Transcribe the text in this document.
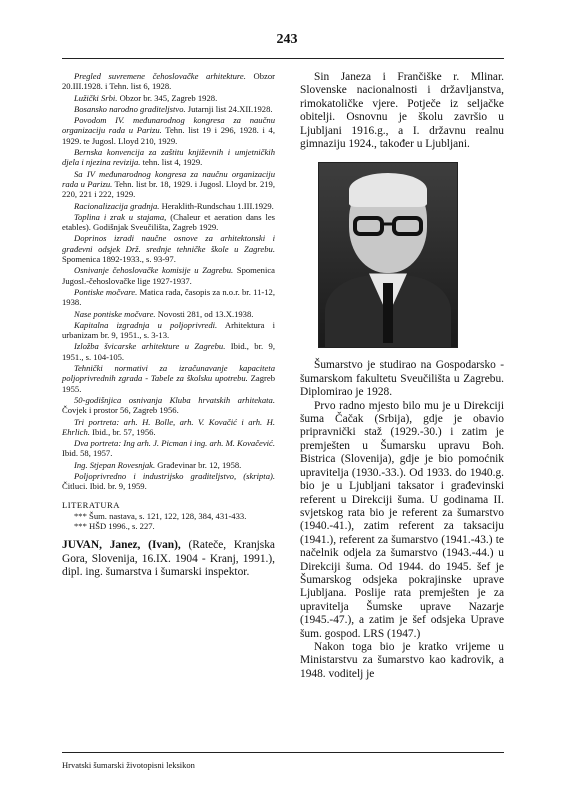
243
Pregled suvremene čehoslovačke arhitekture. Obzor 20.III.1928. i Tehn. list 6, 1928.
Lužički Srbi. Obzor br. 345, Zagreb 1928.
Bosansko narodno graditeljstvo. Jutarnji list 24.XII.1928.
Povodom IV. međunarodnog kongresa za naučnu organizaciju rada u Parizu. Tehn. list 19 i 296, 1928. i 4, 1929. te Jugosl. Lloyd 210, 1929.
Bernska konvencija za zaštitu književnih i umjetničkih djela i njezina revizija. tehn. list 4, 1929.
Sa IV međunarodnog kongresa za naučnu organizaciju rada u Parizu. Tehn. list br. 18, 1929. i Jugosl. Lloyd br. 219, 220, 221 i 222, 1929.
Racionalizacija gradnja. Heraklith-Rundschau 1.III.1929.
Toplina i zrak u stajama, (Chaleur et aeration dans les etables). Godišnjak Sveučilišta, Zagreb 1929.
Doprinos izradi naučne osnove za arhitektonski i građevni odsjek Drž. srednje tehničke škole u Zagrebu. Spomenica 1892-1933., s. 93-97.
Osnivanje čehoslovačke komisije u Zagrebu. Spomenica Jugosl.-čehoslovačke lige 1927-1937.
Pontiske močvare. Matica rada, časopis za n.o.r. br. 11-12, 1938.
Nase pontiske močvare. Novosti 281, od 13.X.1938.
Kapitalna izgradnja u poljoprivredi. Arhitektura i urbanizam br. 9, 1951., s. 3-13.
Izložba švicarske arhitekture u Zagrebu. Ibid., br. 9, 1951., s. 104-105.
Tehnički normativi za izračunavanje kapaciteta poljoprivrednih zgrada - Tabele za školsku upotrebu. Zagreb 1955.
50-godišnjica osnivanja Kluba hrvatskih arhitekata. Čovjek i prostor 56, Zagreb 1956.
Tri portreta: arh. H. Bolle, arh. V. Kovačić i arh. H. Ehrlich. Ibid., br. 57, 1956.
Dva portreta: Ing arh. J. Picman i ing. arh. M. Kovačević. Ibid. 58, 1957.
Ing. Stjepan Rovesnjak. Građevinar br. 12, 1958.
Poljoprivredno i industrijsko graditeljstvo, (skripta). Čitluci. Ibid. br. 9, 1959.
LITERATURA
*** Šum. nastava, s. 121, 122, 128, 384, 431-433.
*** HŠD 1996., s. 227.
JUVAN, Janez, (Ivan), (Rateče, Kranjska Gora, Slovenija, 16.IX. 1904 - Kranj, 1991.), dipl. ing. šumarstva i šumarski inspektor.

Sin Janeza i Frančiške r. Mlinar. Slovenske nacionalnosti i državljanstva, rimokatoličke vjere. Potječe iz seljačke obitelji. Osnovnu je školu završio u Ljubljani 1916.g., a I. državnu realnu gimnaziju 1924., također u Ljubljani.

Šumarstvo je studirao na Gospodarsko - šumarskom fakultetu Sveučilišta u Zagrebu. Diplomirao je 1928.

Prvo radno mjesto bilo mu je u Direkciji šuma Čačak (Srbija), gdje je obavio pripravnički staž (1929.-30.) i zatim je premješten u Šumarsku upravu Boh. Bistrica (Slovenija), gdje je bio pomoćnik upravitelja (1930.-33.). Od 1933. do 1940.g. bio je u Ljubljani taksator i građevinski referent u Direkciji šuma. U godinama II. svjetskog rata bio je referent za šumarstvo (1940.-41.), zatim referent za taksaciju (1941.), referent za šumarstvo (1941.-43.) te načelnik odjela za šumarstvo (1943.-44.) u Direkciji šuma. Od 1944. do 1945. šef je Šumarskog odsjeka pokrajinske uprave Ljubljana. Poslije rata premješten je za upravitelja Šumske uprave Nazarje (1945.-47.), a zatim je šef odsjeka Uprave šum. gospod. LRS (1947.)

Nakon toga bio je kratko vrijeme u Ministarstvu za šumarstvo kao kadrovik, a 1948. voditelj je

Hrvatski šumarski životopisni leksikon
